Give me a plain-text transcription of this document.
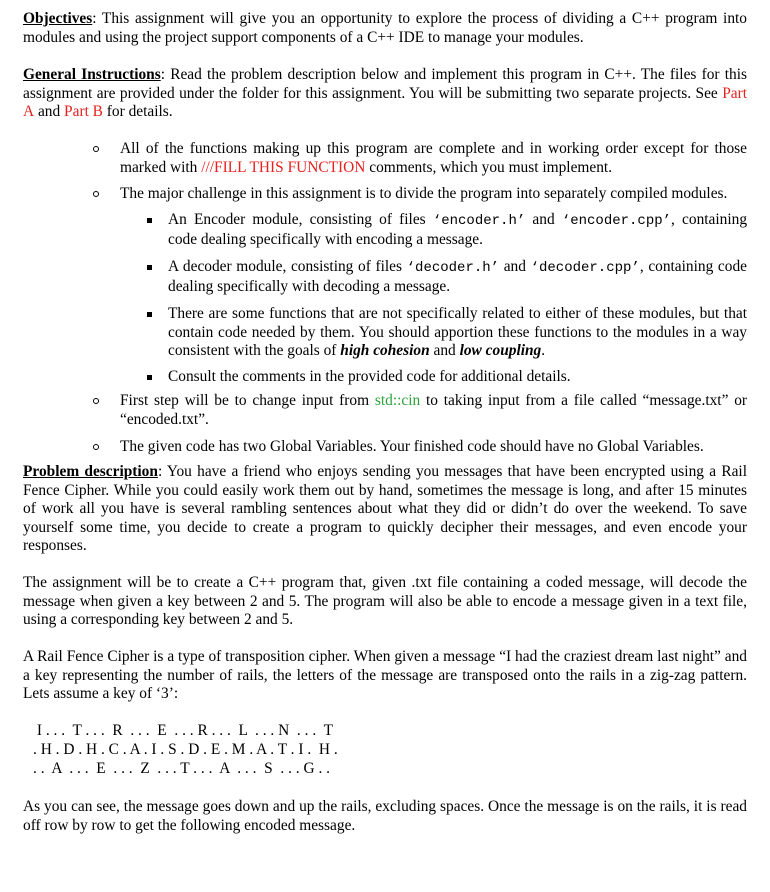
Objectives: This assignment will give you an opportunity to explore the process of dividing a C++ program into modules and using the project support components of a C++ IDE to manage your modules.

General Instructions: Read the problem description below and implement this program in C++. The files for this assignment are provided under the folder for this assignment. You will be submitting two separate projects. See Part A and Part B for details.

All of the functions making up this program are complete and in working order except for those marked with ///FILL THIS FUNCTION comments, which you must implement.

The major challenge in this assignment is to divide the program into separately compiled modules.

An Encoder module, consisting of files ‘encoder.h’ and ‘encoder.cpp’, containing code dealing specifically with encoding a message.

A decoder module, consisting of files ‘decoder.h’ and ‘decoder.cpp’, containing code dealing specifically with decoding a message.

There are some functions that are not specifically related to either of these modules, but that contain code needed by them. You should apportion these functions to the modules in a way consistent with the goals of high cohesion and low coupling.

Consult the comments in the provided code for additional details.

First step will be to change input from std::cin to taking input from a file called “message.txt” or “encoded.txt”.

The given code has two Global Variables. Your finished code should have no Global Variables.

Problem description: You have a friend who enjoys sending you messages that have been encrypted using a Rail Fence Cipher. While you could easily work them out by hand, sometimes the message is long, and after 15 minutes of work all you have is several rambling sentences about what they did or didn’t do over the weekend. To save yourself some time, you decide to create a program to quickly decipher their messages, and even encode your responses.

The assignment will be to create a C++ program that, given .txt file containing a coded message, will decode the message when given a key between 2 and 5. The program will also be able to encode a message given in a text file, using a corresponding key between 2 and 5.

A Rail Fence Cipher is a type of transposition cipher. When given a message “I had the craziest dream last night” and a key representing the number of rails, the letters of the message are transposed onto the rails in a zig-zag pattern. Lets assume a key of ‘3’:

I . . .  T . . .  R  . . .  E  . . . R . . .  L  . . . N  . . .  T
. H . D . H . C . A . I . S . D . E . M . A . T . I .  H .
. .  A  . . .  E  . . .  Z  . . . T . . .  A  . . .  S  . . . G . .

As you can see, the message goes down and up the rails, excluding spaces. Once the message is on the rails, it is read off row by row to get the following encoded message.
